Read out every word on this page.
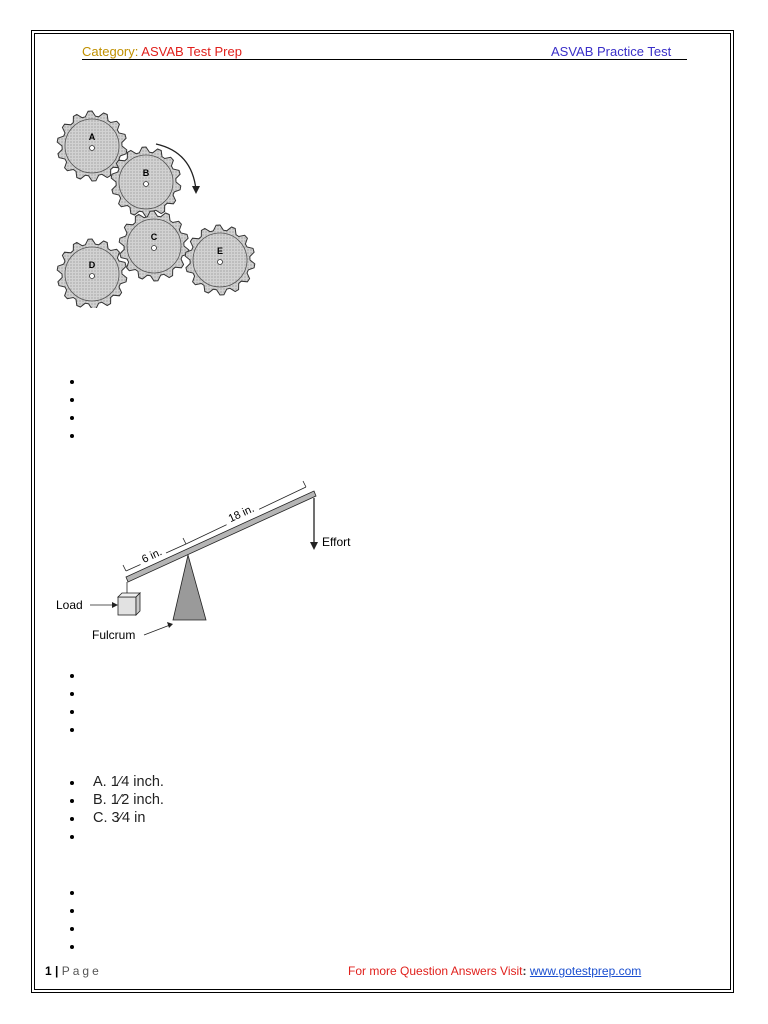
Category: ASVAB Test Prep	ASVAB Practice Test
A
B
C
D
E
18 in.
6 in.
Effort
Load
Fulcrum
A. 1⁄4 inch.
B. 1⁄2 inch.
C. 3⁄4 in
1 | Page	For more Question Answers Visit: www.gotestprep.com
